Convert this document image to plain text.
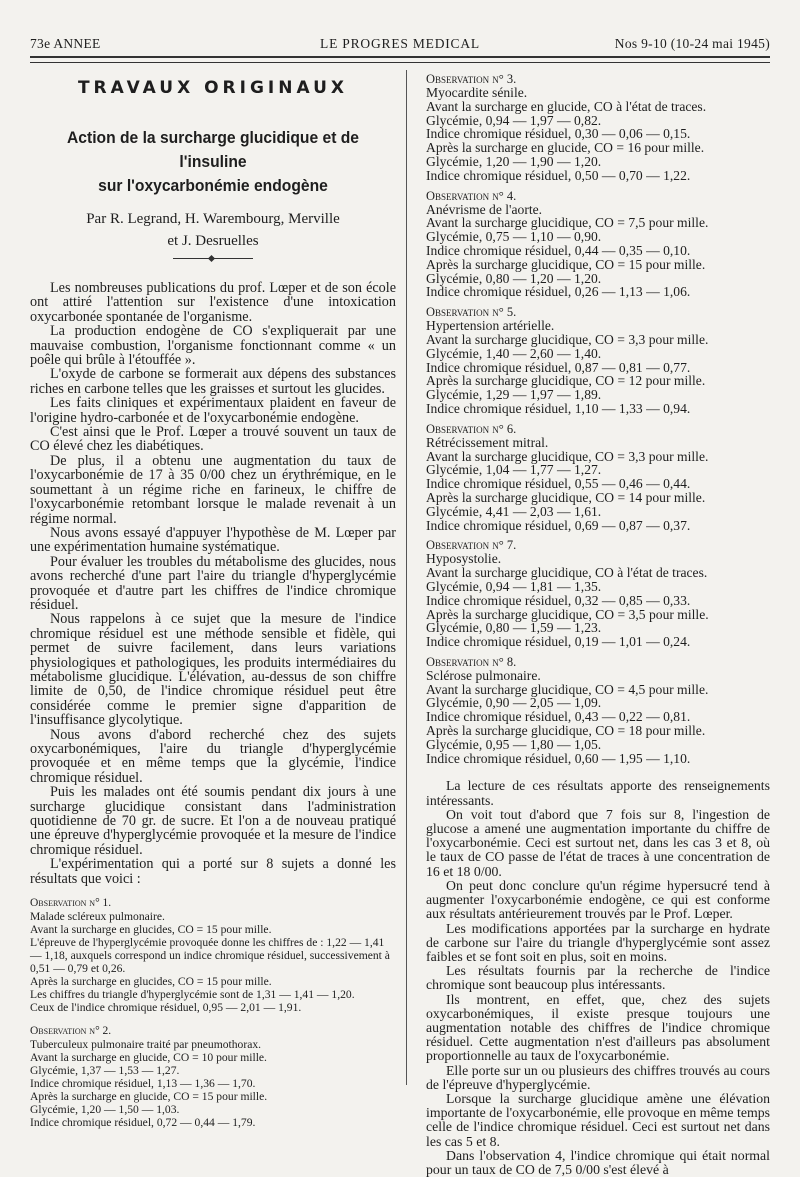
73e ANNEE	LE PROGRES MEDICAL	Nos 9-10 (10-24 mai 1945)
TRAVAUX ORIGINAUX
Action de la surcharge glucidique et de l'insuline
sur l'oxycarbonémie endogène
Par R. Legrand, H. Warembourg, Merville
et J. Desruelles

Les nombreuses publications du prof. Lœper et de son école ont attiré l'attention sur l'existence d'une intoxication oxycarbonée spontanée de l'organisme.

La production endogène de CO s'expliquerait par une mauvaise combustion, l'organisme fonctionnant comme « un poêle qui brûle à l'étouffée ».

L'oxyde de carbone se formerait aux dépens des substances riches en carbone telles que les graisses et surtout les glucides.

Les faits cliniques et expérimentaux plaident en faveur de l'origine hydro-carbonée et de l'oxycarbonémie endogène.

C'est ainsi que le Prof. Lœper a trouvé souvent un taux de CO élevé chez les diabétiques.

De plus, il a obtenu une augmentation du taux de l'oxycarbonémie de 17 à 35 0/00 chez un érythrémique, en le soumettant à un régime riche en farineux, le chiffre de l'oxycarbonémie retombant lorsque le malade revenait à un régime normal.

Nous avons essayé d'appuyer l'hypothèse de M. Lœper par une expérimentation humaine systématique.

Pour évaluer les troubles du métabolisme des glucides, nous avons recherché d'une part l'aire du triangle d'hyperglycémie provoquée et d'autre part les chiffres de l'indice chromique résiduel.

Nous rappelons à ce sujet que la mesure de l'indice chromique résiduel est une méthode sensible et fidèle, qui permet de suivre facilement, dans leurs variations physiologiques et pathologiques, les produits intermédiaires du métabolisme glucidique. L'élévation, au-dessus de son chiffre limite de 0,50, de l'indice chromique résiduel peut être considérée comme le premier signe d'apparition de l'insuffisance glycolytique.

Nous avons d'abord recherché chez des sujets oxycarbonémiques, l'aire du triangle d'hyperglycémie provoquée et en même temps que la glycémie, l'indice chromique résiduel.

Puis les malades ont été soumis pendant dix jours à une surcharge glucidique consistant dans l'administration quotidienne de 70 gr. de sucre. Et l'on a de nouveau pratiqué une épreuve d'hyperglycémie provoquée et la mesure de l'indice chromique résiduel.

L'expérimentation qui a porté sur 8 sujets a donné les résultats que voici :

Observation n° 1.
Malade scléreux pulmonaire.
Avant la surcharge en glucides, CO = 15 pour mille.
L'épreuve de l'hyperglycémie provoquée donne les chiffres de : 1,22 — 1,41 — 1,18, auxquels correspond un indice chromique résiduel, successivement à 0,51 — 0,79 et 0,26.
Après la surcharge en glucides, CO = 15 pour mille.
Les chiffres du triangle d'hyperglycémie sont de 1,31 — 1,41 — 1,20.
Ceux de l'indice chromique résiduel, 0,95 — 2,01 — 1,91.
Observation n° 2.
Tuberculeux pulmonaire traité par pneumothorax.
Avant la surcharge en glucide, CO = 10 pour mille.
Glycémie, 1,37 — 1,53 — 1,27.
Indice chromique résiduel, 1,13 — 1,36 — 1,70.
Après la surcharge en glucide, CO = 15 pour mille.
Glycémie, 1,20 — 1,50 — 1,03.
Indice chromique résiduel, 0,72 — 0,44 — 1,79.
Observation n° 3.
Myocardite sénile.
Avant la surcharge en glucide, CO à l'état de traces.
Glycémie, 0,94 — 1,97 — 0,82.
Indice chromique résiduel, 0,30 — 0,06 — 0,15.
Après la surcharge en glucide, CO = 16 pour mille.
Glycémie, 1,20 — 1,90 — 1,20.
Indice chromique résiduel, 0,50 — 0,70 — 1,22.
Observation n° 4.
Anévrisme de l'aorte.
Avant la surcharge glucidique, CO = 7,5 pour mille.
Glycémie, 0,75 — 1,10 — 0,90.
Indice chromique résiduel, 0,44 — 0,35 — 0,10.
Après la surcharge glucidique, CO = 15 pour mille.
Glycémie, 0,80 — 1,20 — 1,20.
Indice chromique résiduel, 0,26 — 1,13 — 1,06.
Observation n° 5.
Hypertension artérielle.
Avant la surcharge glucidique, CO = 3,3 pour mille.
Glycémie, 1,40 — 2,60 — 1,40.
Indice chromique résiduel, 0,87 — 0,81 — 0,77.
Après la surcharge glucidique, CO = 12 pour mille.
Glycémie, 1,29 — 1,97 — 1,89.
Indice chromique résiduel, 1,10 — 1,33 — 0,94.
Observation n° 6.
Rétrécissement mitral.
Avant la surcharge glucidique, CO = 3,3 pour mille.
Glycémie, 1,04 — 1,77 — 1,27.
Indice chromique résiduel, 0,55 — 0,46 — 0,44.
Après la surcharge glucidique, CO = 14 pour mille.
Glycémie, 4,41 — 2,03 — 1,61.
Indice chromique résiduel, 0,69 — 0,87 — 0,37.
Observation n° 7.
Hyposystolie.
Avant la surcharge glucidique, CO à l'état de traces.
Glycémie, 0,94 — 1,81 — 1,35.
Indice chromique résiduel, 0,32 — 0,85 — 0,33.
Après la surcharge glucidique, CO = 3,5 pour mille.
Glycémie, 0,80 — 1,59 — 1,23.
Indice chromique résiduel, 0,19 — 1,01 — 0,24.
Observation n° 8.
Sclérose pulmonaire.
Avant la surcharge glucidique, CO = 4,5 pour mille.
Glycémie, 0,90 — 2,05 — 1,09.
Indice chromique résiduel, 0,43 — 0,22 — 0,81.
Après la surcharge glucidique, CO = 18 pour mille.
Glycémie, 0,95 — 1,80 — 1,05.
Indice chromique résiduel, 0,60 — 1,95 — 1,10.

La lecture de ces résultats apporte des renseignements intéressants.

On voit tout d'abord que 7 fois sur 8, l'ingestion de glucose a amené une augmentation importante du chiffre de l'oxycarbonémie. Ceci est surtout net, dans les cas 3 et 8, où le taux de CO passe de l'état de traces à une concentration de 16 et 18 0/00.

On peut donc conclure qu'un régime hypersucré tend à augmenter l'oxycarbonémie endogène, ce qui est conforme aux résultats antérieurement trouvés par le Prof. Lœper.

Les modifications apportées par la surcharge en hydrate de carbone sur l'aire du triangle d'hyperglycémie sont assez faibles et se font soit en plus, soit en moins.

Les résultats fournis par la recherche de l'indice chromique sont beaucoup plus intéressants.

Ils montrent, en effet, que, chez des sujets oxycarbonémiques, il existe presque toujours une augmentation notable des chiffres de l'indice chromique résiduel. Cette augmentation n'est d'ailleurs pas absolument proportionnelle au taux de l'oxycarbonémie.

Elle porte sur un ou plusieurs des chiffres trouvés au cours de l'épreuve d'hyperglycémie.

Lorsque la surcharge glucidique amène une élévation importante de l'oxycarbonémie, elle provoque en même temps celle de l'indice chromique résiduel. Ceci est surtout net dans les cas 5 et 8.

Dans l'observation 4, l'indice chromique qui était normal pour un taux de CO de 7,5 0/00 s'est élevé à
